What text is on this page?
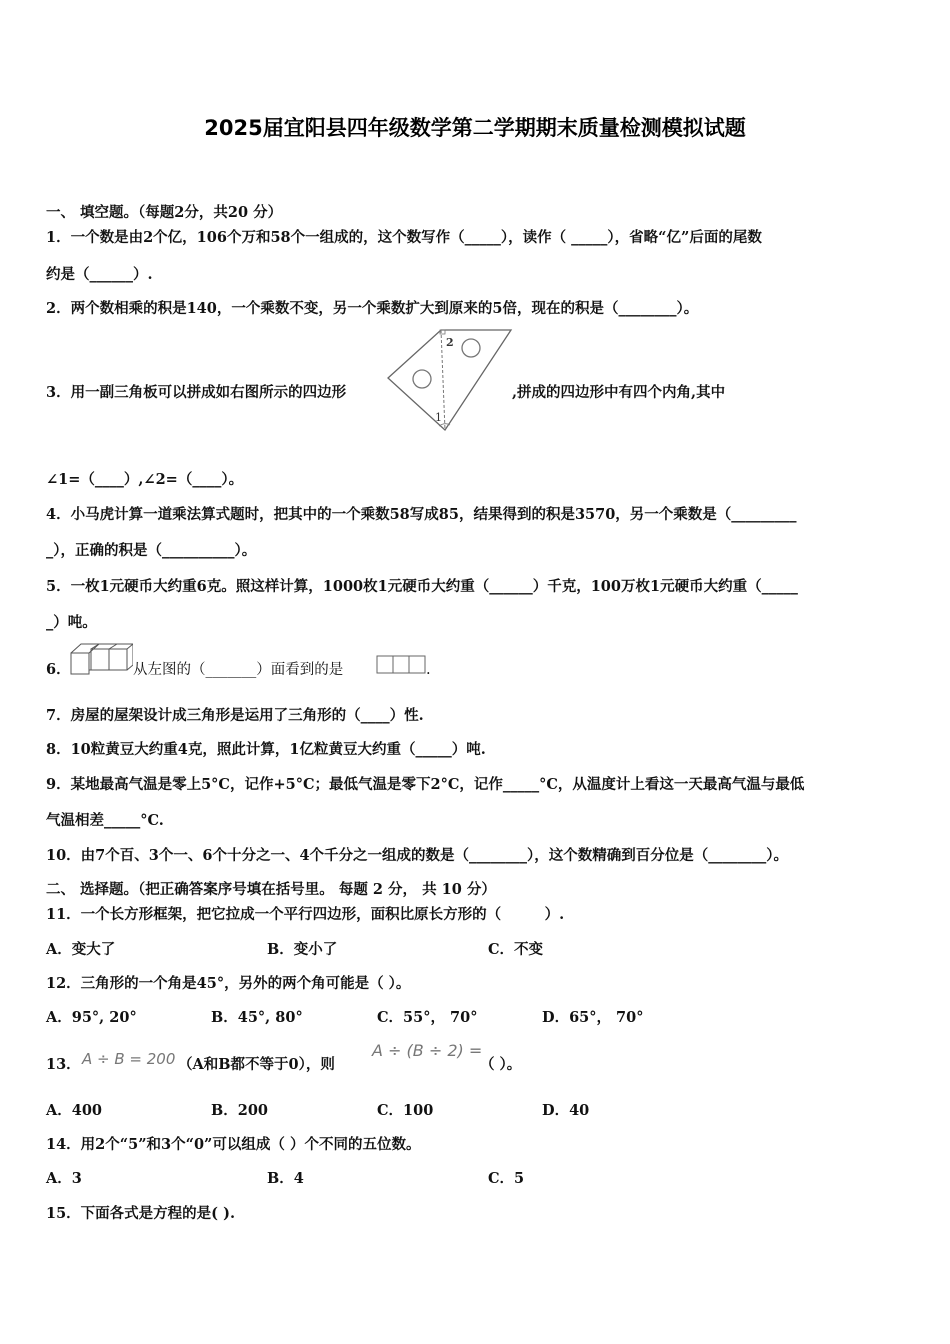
2025届宜阳县四年级数学第二学期期末质量检测模拟试题
一、 填空题。（每题2分，共20 分）
1．一个数是由2个亿，106个万和58个一组成的，这个数写作（_____），读作（ _____），省略“亿”后面的尾数
约是（______）.
2．两个数相乘的积是140，一个乘数不变，另一个乘数扩大到原来的5倍，现在的积是（________）。
3．用一副三角板可以拼成如右图所示的四边形
2
1
,拼成的四边形中有四个内角,其中
∠1=（____）,∠2=（____）。
4．小马虎计算一道乘法算式题时，把其中的一个乘数58写成85，结果得到的积是3570，另一个乘数是（_________
_），正确的积是（__________）。
5．一枚1元硬币大约重6克。照这样计算，1000枚1元硬币大约重（______）千克，100万枚1元硬币大约重（_____
_）吨。
6．	从左图的（_______）面看到的是	.
7．房屋的屋架设计成三角形是运用了三角形的（____）性.
8．10粒黄豆大约重4克，照此计算，1亿粒黄豆大约重（_____）吨.
9．某地最高气温是零上5°C，记作+5°C；最低气温是零下2°C，记作_____°C，从温度计上看这一天最高气温与最低
气温相差_____°C.
10．由7个百、3个一、6个十分之一、4个千分之一组成的数是（________），这个数精确到百分位是（________）。
二、 选择题。（把正确答案序号填在括号里。 每题 2 分， 共 10 分）
11．一个长方形框架，把它拉成一个平行四边形，面积比原长方形的（　　　）.
A．变大了	B．变小了	C．不变
12．三角形的一个角是45°，另外的两个角可能是（ ）。
A．95°, 20°	B．45°, 80°	C．55°， 70°	D．65°， 70°
13． A ÷ B = 200 （A和B都不等于0），则
A ÷ (B ÷ 2) =
（ ）。
A．400	B．200	C．100	D．40
14．用2个“5”和3个“0”可以组成（ ）个不同的五位数。
A．3	B．4	C．5
15．下面各式是方程的是( ).
